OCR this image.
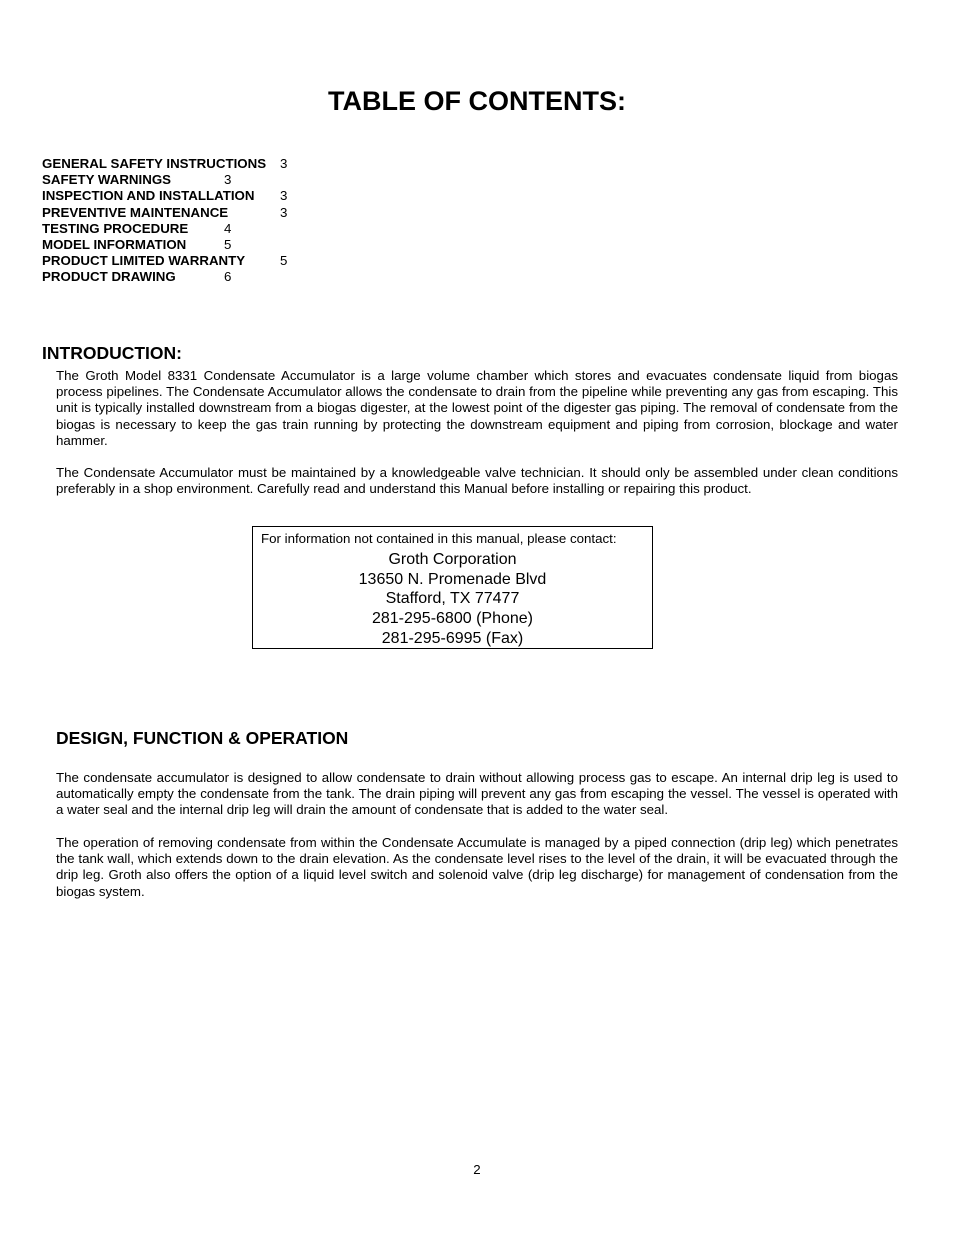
TABLE OF CONTENTS:
GENERAL SAFETY INSTRUCTIONS 3
SAFETY WARNINGS	3
INSPECTION AND INSTALLATION 3
PREVENTIVE MAINTENANCE	3
TESTING PROCEDURE	4
MODEL INFORMATION	5
PRODUCT LIMITED WARRANTY	5
PRODUCT DRAWING	6
INTRODUCTION:

The Groth Model 8331 Condensate Accumulator is a large volume chamber which stores and evacuates condensate liquid from biogas process pipelines. The Condensate Accumulator allows the condensate to drain from the pipeline while preventing any gas from escaping. This unit is typically installed downstream from a biogas digester, at the lowest point of the digester gas piping. The removal of condensate from the biogas is necessary to keep the gas train running by protecting the downstream equipment and piping from corrosion, blockage and water hammer.

The Condensate Accumulator must be maintained by a knowledgeable valve technician. It should only be assembled under clean conditions preferably in a shop environment. Carefully read and understand this Manual before installing or repairing this product.

For information not contained in this manual, please contact:
Groth Corporation
13650 N. Promenade Blvd
Stafford, TX 77477
281-295-6800 (Phone)
281-295-6995 (Fax)
DESIGN, FUNCTION & OPERATION

The condensate accumulator is designed to allow condensate to drain without allowing process gas to escape. An internal drip leg is used to automatically empty the condensate from the tank. The drain piping will prevent any gas from escaping the vessel. The vessel is operated with a water seal and the internal drip leg will drain the amount of condensate that is added to the water seal.

The operation of removing condensate from within the Condensate Accumulate is managed by a piped connection (drip leg) which penetrates the tank wall, which extends down to the drain elevation. As the condensate level rises to the level of the drain, it will be evacuated through the drip leg. Groth also offers the option of a liquid level switch and solenoid valve (drip leg discharge) for management of condensation from the biogas system.

2
